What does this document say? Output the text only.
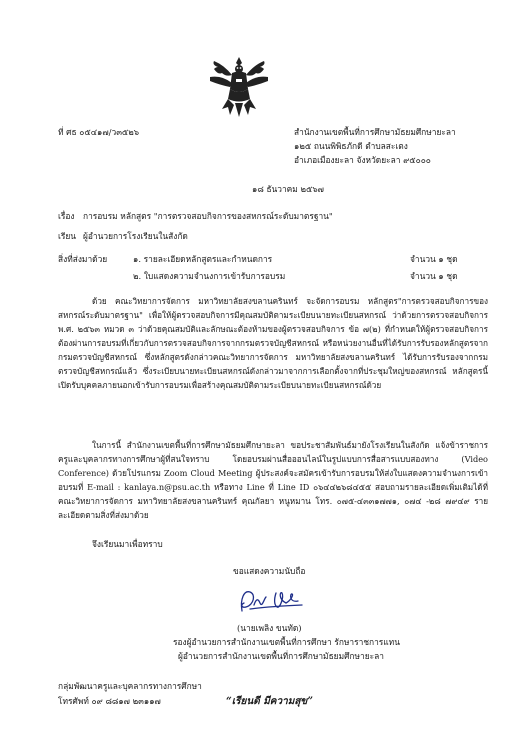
ที่ ศธ ๐๕๔๑๗/ว๓๕๒๖	สำนักงานเขตพื้นที่การศึกษามัธยมศึกษายะลา
๑๒๕ ถนนพิพิธภักดี ตำบลสะเตง
อำเภอเมืองยะลา จังหวัดยะลา ๙๕๐๐๐
๑๘ ธันวาคม ๒๕๖๗
เรื่อง การอบรม หลักสูตร "การตรวจสอบกิจการของสหกรณ์ระดับมาตรฐาน"
เรียน ผู้อำนวยการโรงเรียนในสังกัด
สิ่งที่ส่งมาด้วย	๑. รายละเอียดหลักสูตรและกำหนดการ	จำนวน ๑ ชุด
๒. ใบแสดงความจำนงการเข้ารับการอบรม	จำนวน ๑ ชุด
ด้วย คณะวิทยาการจัดการ มหาวิทยาลัยสงขลานครินทร์ จะจัดการอบรม หลักสูตร"การตรวจสอบกิจการของสหกรณ์ระดับมาตรฐาน" เพื่อให้ผู้ตรวจสอบกิจการมีคุณสมบัติตามระเบียบนายทะเบียนสหกรณ์ ว่าด้วยการตรวจสอบกิจการ พ.ศ. ๒๕๖๓ หมวด ๓ ว่าด้วยคุณสมบัติและลักษณะต้องห้ามของผู้ตรวจสอบกิจการ ข้อ ๗(๒) ที่กำหนดให้ผู้ตรวจสอบกิจการต้องผ่านการอบรมที่เกี่ยวกับการตรวจสอบกิจการจากกรมตรวจบัญชีสหกรณ์ หรือหน่วยงานอื่นที่ได้รับการรับรองหลักสูตรจากกรมตรวจบัญชีสหกรณ์ ซึ่งหลักสูตรดังกล่าวคณะวิทยาการจัดการ มหาวิทยาลัยสงขลานครินทร์ ได้รับการรับรองจากกรมตรวจบัญชีสหกรณ์แล้ว ซึ่งระเบียบนายทะเบียนสหกรณ์ดังกล่าวมาจากการเลือกตั้งจากที่ประชุมใหญ่ของสหกรณ์ หลักสูตรนี้เปิดรับบุคคลภายนอกเข้ารับการอบรมเพื่อสร้างคุณสมบัติตามระเบียบนายทะเบียนสหกรณ์ด้วย
ในการนี้ สำนักงานเขตพื้นที่การศึกษามัธยมศึกษายะลา ขอประชาสัมพันธ์มายังโรงเรียนในสังกัด แจ้งข้าราชการครูและบุคลากรทางการศึกษาผู้ที่สนใจทราบ โดยอบรมผ่านสื่อออนไลน์ในรูปแบบการสื่อสารแบบสองทาง (Video Conference) ด้วยโปรแกรม Zoom Cloud Meeting ผู้ประสงค์จะสมัครเข้ารับการอบรมให้ส่งใบแสดงความจำนงการเข้าอบรมที่ E-mail : kanlaya.n@psu.ac.th หรือทาง Line ที่ Line ID ๐๖๔๔๒๖๘๔๕๕ สอบถามรายละเอียดเพิ่มเติมได้ที่ คณะวิทยาการจัดการ มหาวิทยาลัยสงขลานครินทร์ คุณกัลยา หนูหมาน โทร. ๐๗๕-๔๓๓๑๗๗๑, ๐๗๔ -๒๘ ๗๙๔๙ รายละเอียดตามสิ่งที่ส่งมาด้วย
จึงเรียนมาเพื่อทราบ
ขอแสดงความนับถือ
(นายเพลิง ขนทัด)
รองผู้อำนวยการสำนักงานเขตพื้นที่การศึกษา รักษาราชการแทน
ผู้อำนวยการสำนักงานเขตพื้นที่การศึกษามัธยมศึกษายะลา
กลุ่มพัฒนาครูและบุคลากรทางการศึกษา
โทรศัพท์ ๐๙ ๘๘๑๗ ๒๓๑๑๗	“เรียนดี มีความสุข”
